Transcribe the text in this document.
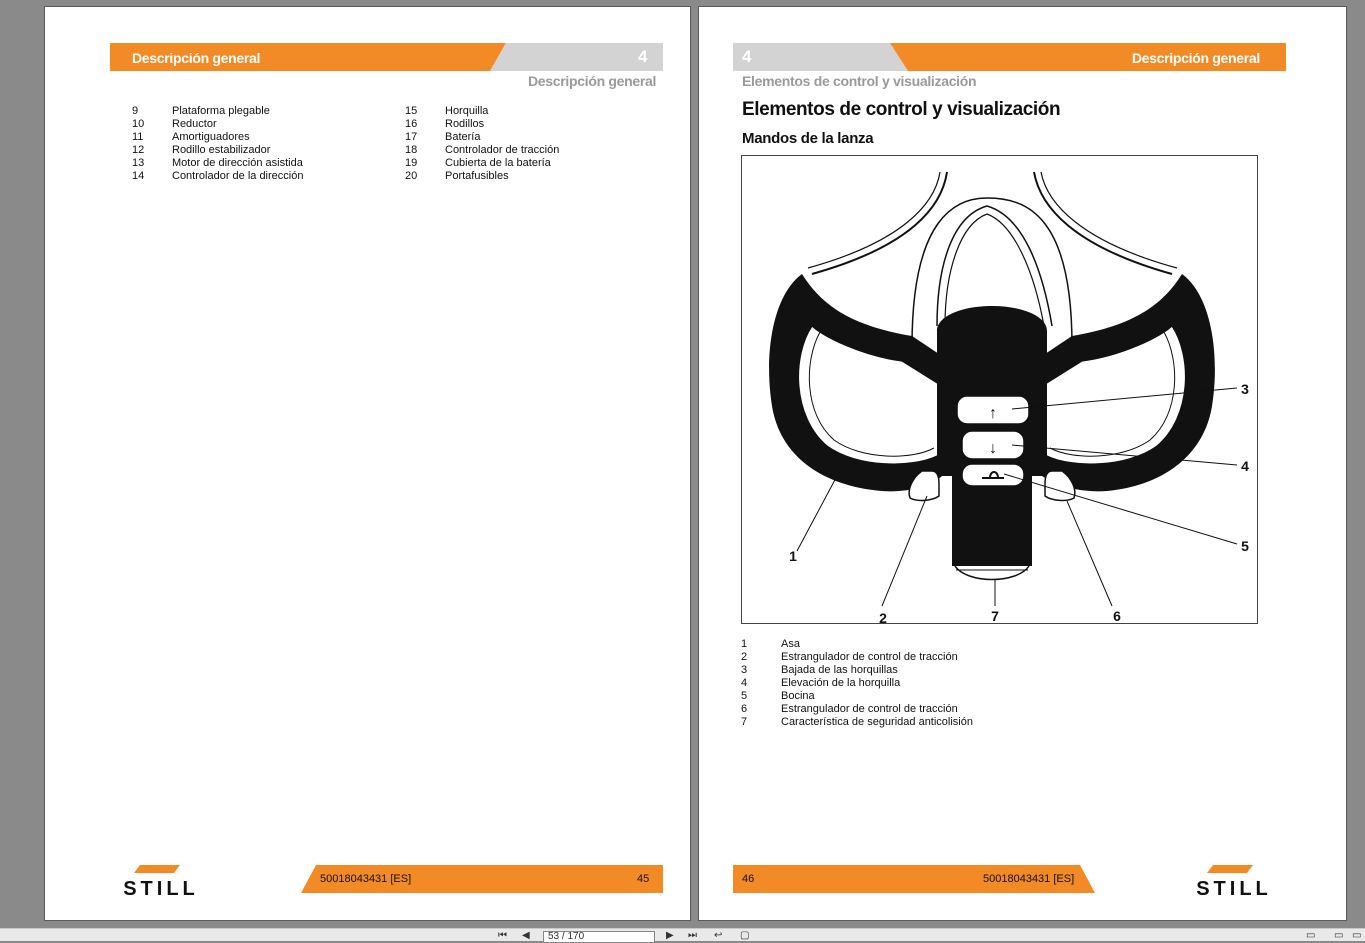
Descripción general	4
Descripción general
9	Plataforma plegable
10	Reductor
11	Amortiguadores
12	Rodillo estabilizador
13	Motor de dirección asistida
14	Controlador de la dirección
15	Horquilla
16	Rodillos
17	Batería
18	Controlador de tracción
19	Cubierta de la batería
20	Portafusibles
STILL	50018043431 [ES]	45
4	Descripción general
Elementos de control y visualización
Elementos de control y visualización
Mandos de la lanza
↑
↓
1
2
3
4
5
6
7
1	Asa
2	Estrangulador de control de tracción
3	Bajada de las horquillas
4	Elevación de la horquilla
5	Bocina
6	Estrangulador de control de tracción
7	Característica de seguridad anticolisión
46	50018043431 [ES]	STILL
⏮ ◀	53 / 170	▶ ⏭ ↩ ▢	▭ ▭ ▭
